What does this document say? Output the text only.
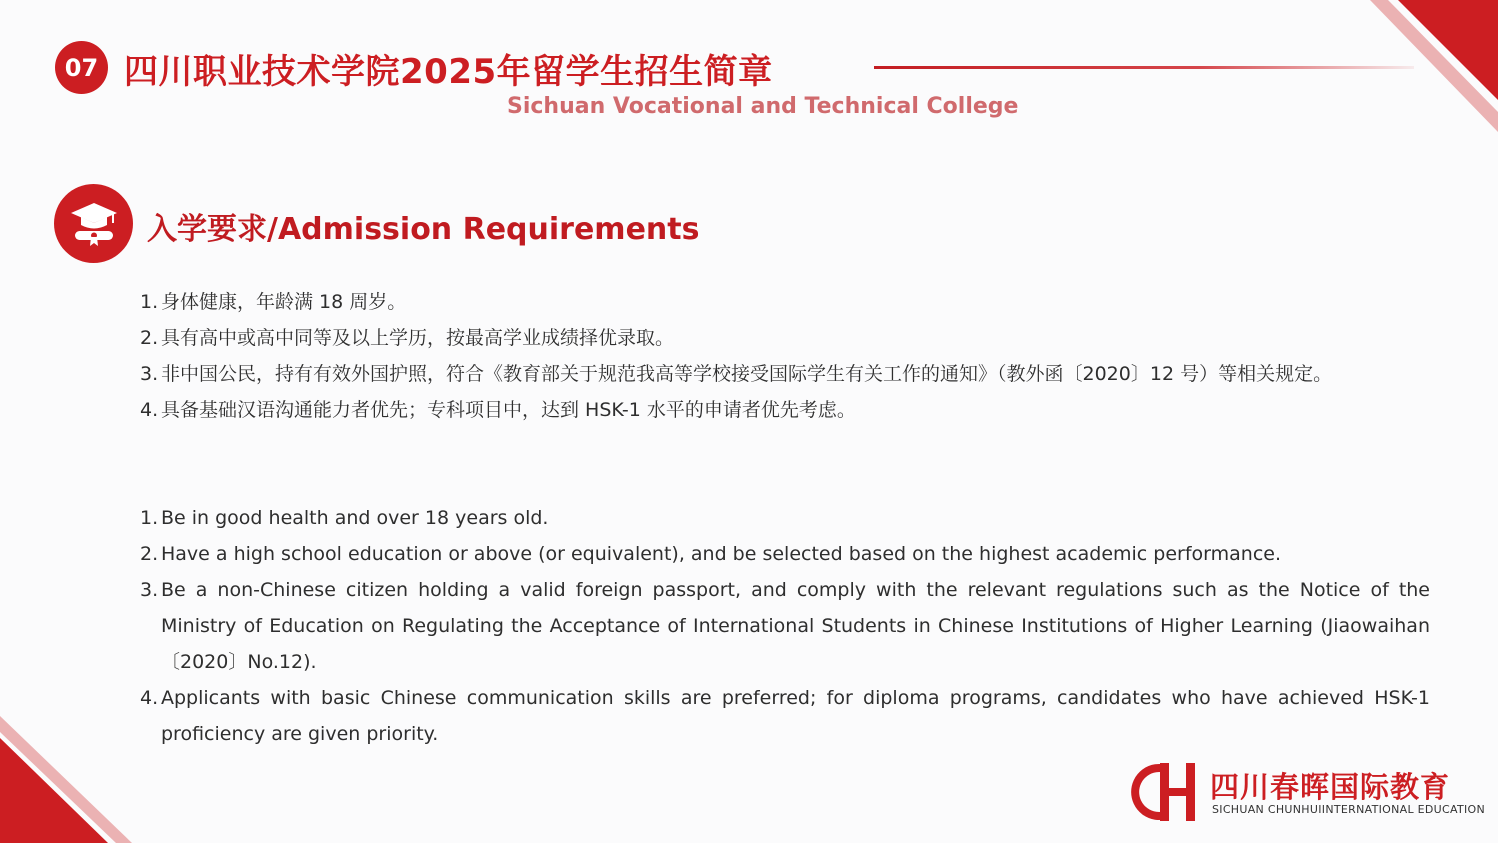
07 四川职业技术学院2025年留学生招生简章

Sichuan Vocational and Technical College

入学要求/Admission Requirements
1. 身体健康，年龄满 18 周岁。
2. 具有高中或高中同等及以上学历，按最高学业成绩择优录取。
3. 非中国公民，持有有效外国护照，符合《教育部关于规范我高等学校接受国际学生有关工作的通知》（教外函〔2020〕12 号）等相关规定。
4. 具备基础汉语沟通能力者优先；专科项目中，达到 HSK-1 水平的申请者优先考虑。
1. Be in good health and over 18 years old.
2. Have a high school education or above (or equivalent), and be selected based on the highest academic performance.
3. Be a non-Chinese citizen holding a valid foreign passport, and comply with the relevant regulations such as the Notice of the Ministry of Education on Regulating the Acceptance of International Students in Chinese Institutions of Higher Learning (Jiaowaihan〔2020〕No.12).
4. Applicants with basic Chinese communication skills are preferred; for diploma programs, candidates who have achieved HSK-1 proficiency are given priority.

四川春晖国际教育

SICHUAN CHUNHUIINTERNATIONAL EDUCATION
